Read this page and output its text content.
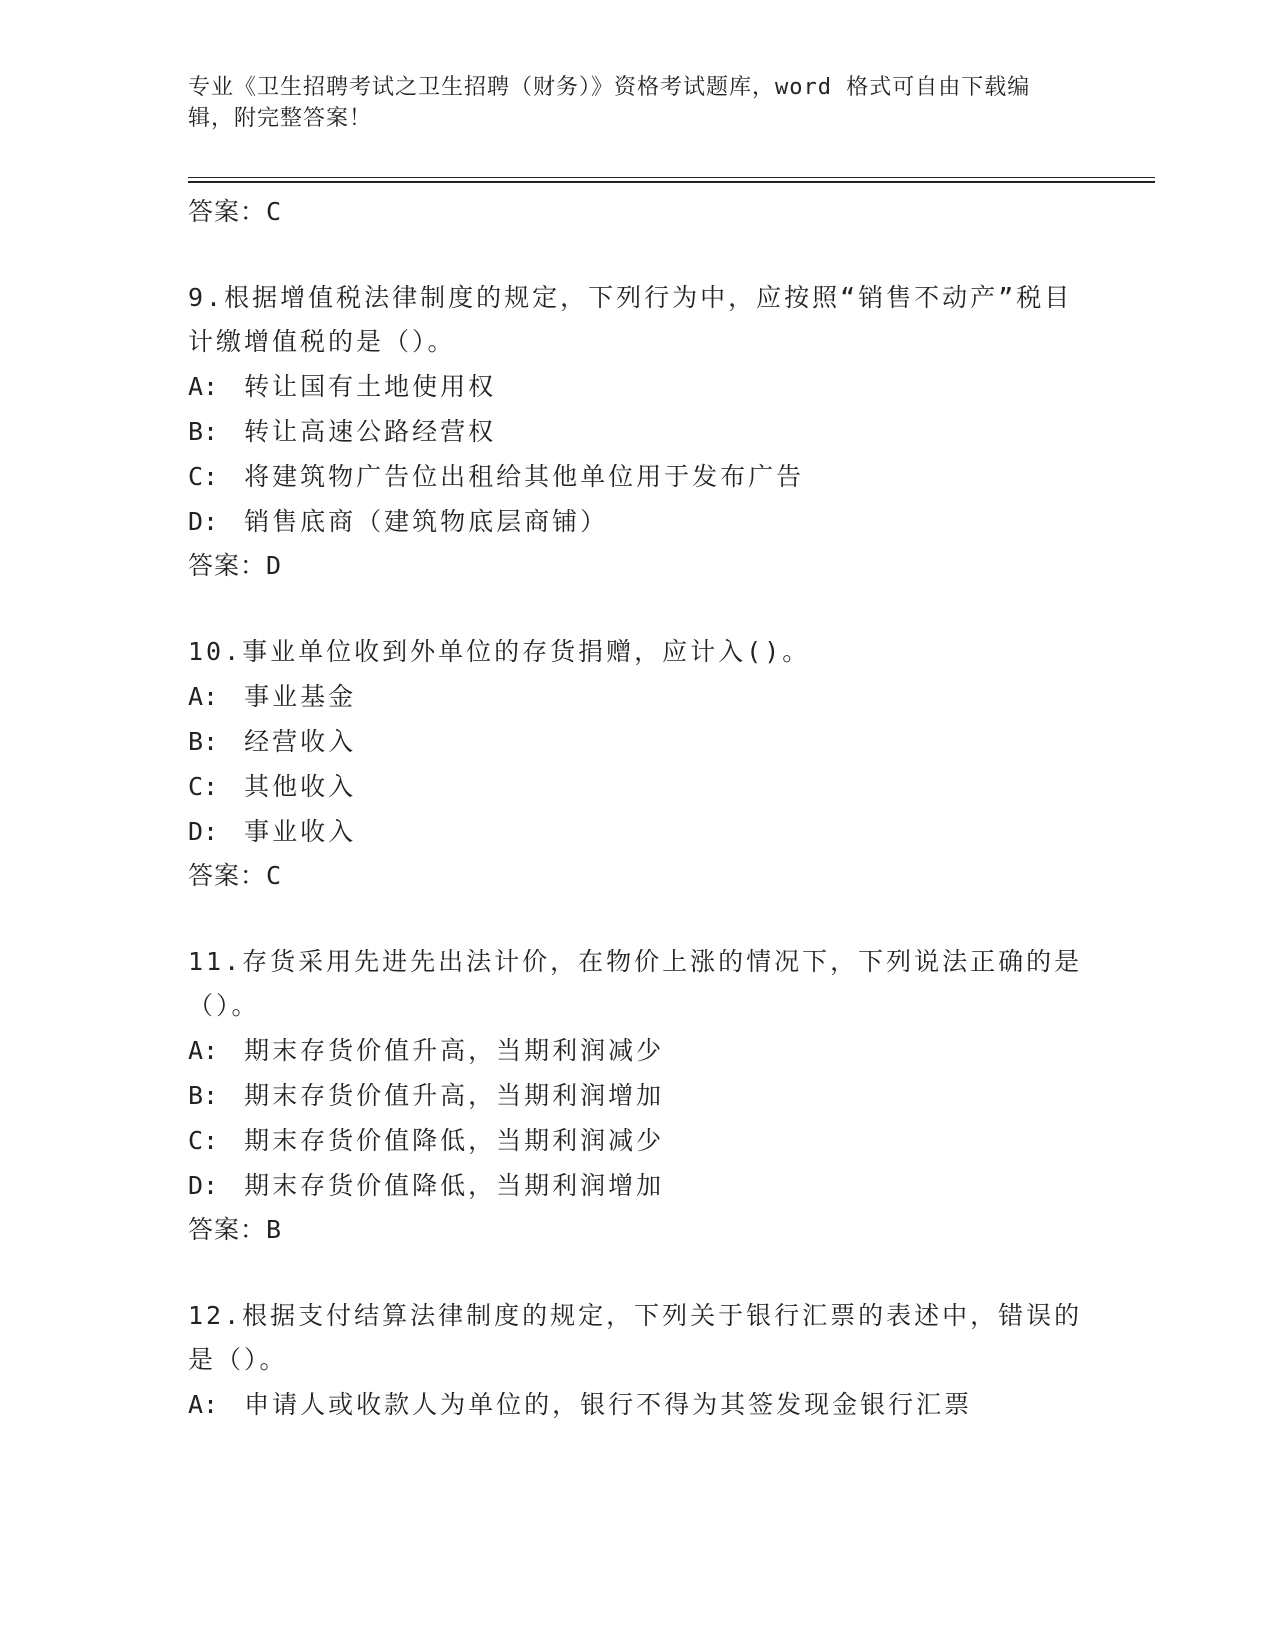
专业《卫生招聘考试之卫生招聘（财务）》资格考试题库，word 格式可自由下载编辑，附完整答案！
答案：C
9.根据增值税法律制度的规定，下列行为中，应按照“销售不动产”税目计缴增值税的是（）。
A: 转让国有土地使用权
B: 转让高速公路经营权
C: 将建筑物广告位出租给其他单位用于发布广告
D: 销售底商（建筑物底层商铺）
答案：D
10.事业单位收到外单位的存货捐赠，应计入()。
A: 事业基金
B: 经营收入
C: 其他收入
D: 事业收入
答案：C
11.存货采用先进先出法计价，在物价上涨的情况下，下列说法正确的是（）。
A: 期末存货价值升高，当期利润减少
B: 期末存货价值升高，当期利润增加
C: 期末存货价值降低，当期利润减少
D: 期末存货价值降低，当期利润增加
答案：B
12.根据支付结算法律制度的规定，下列关于银行汇票的表述中，错误的是（）。
A: 申请人或收款人为单位的，银行不得为其签发现金银行汇票
